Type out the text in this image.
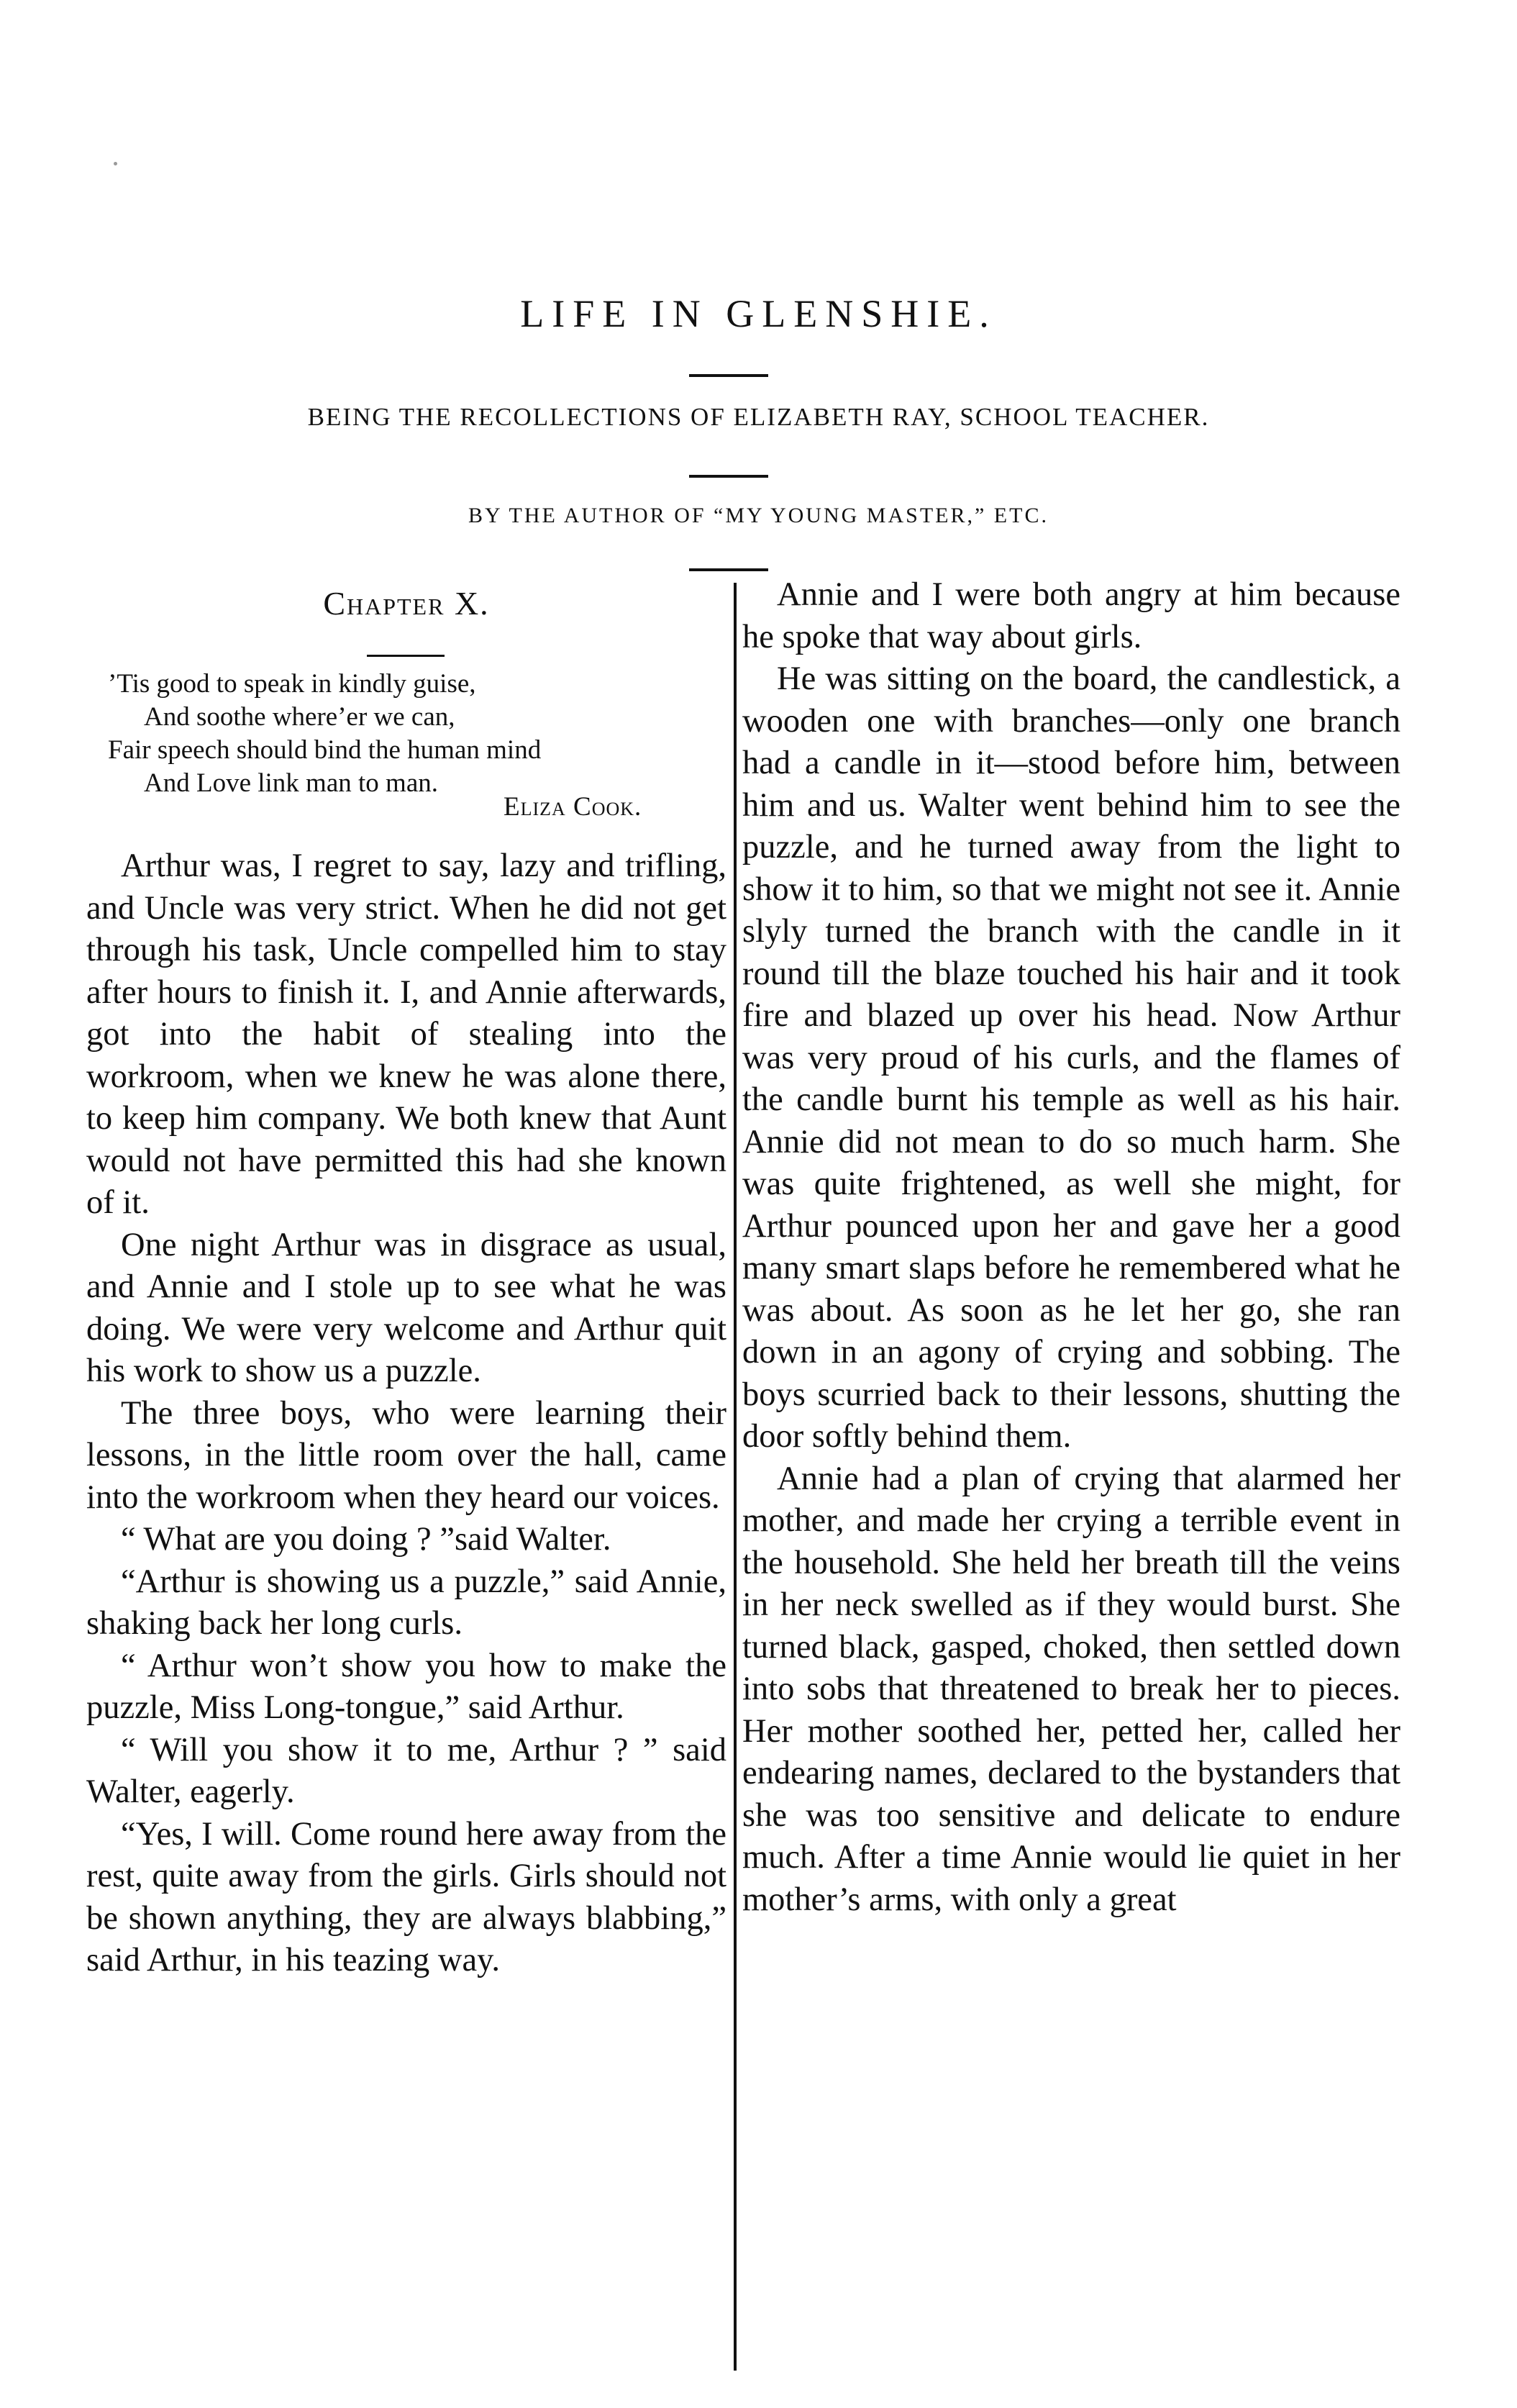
LIFE IN GLENSHIE.
BEING THE RECOLLECTIONS OF ELIZABETH RAY, SCHOOL TEACHER.
BY THE AUTHOR OF “MY YOUNG MASTER,” ETC.
Chapter X.
’Tis good to speak in kindly guise,
And soothe where’er we can,
Fair speech should bind the human mind
And Love link man to man.
Eliza Cook.

Arthur was, I regret to say, lazy and trifling, and Uncle was very strict. When he did not get through his task, Uncle compelled him to stay after hours to finish it. I, and Annie afterwards, got into the habit of stealing into the workroom, when we knew he was alone there, to keep him company. We both knew that Aunt would not have permitted this had she known of it.

One night Arthur was in disgrace as usual, and Annie and I stole up to see what he was doing. We were very welcome and Arthur quit his work to show us a puzzle.

The three boys, who were learning their lessons, in the little room over the hall, came into the workroom when they heard our voices.

“ What are you doing ? ”said Walter.

“Arthur is showing us a puzzle,” said Annie, shaking back her long curls.

“ Arthur won’t show you how to make the puzzle, Miss Long-tongue,” said Arthur.

“ Will you show it to me, Arthur ? ” said Walter, eagerly.

“Yes, I will. Come round here away from the rest, quite away from the girls. Girls should not be shown anything, they are always blabbing,” said Arthur, in his teazing way.

Annie and I were both angry at him because he spoke that way about girls.

He was sitting on the board, the candlestick, a wooden one with branches—only one branch had a candle in it—stood before him, between him and us. Walter went behind him to see the puzzle, and he turned away from the light to show it to him, so that we might not see it. Annie slyly turned the branch with the candle in it round till the blaze touched his hair and it took fire and blazed up over his head. Now Arthur was very proud of his curls, and the flames of the candle burnt his temple as well as his hair. Annie did not mean to do so much harm. She was quite frightened, as well she might, for Arthur pounced upon her and gave her a good many smart slaps before he remembered what he was about. As soon as he let her go, she ran down in an agony of crying and sobbing. The boys scurried back to their lessons, shutting the door softly behind them.

Annie had a plan of crying that alarmed her mother, and made her crying a terrible event in the household. She held her breath till the veins in her neck swelled as if they would burst. She turned black, gasped, choked, then settled down into sobs that threatened to break her to pieces. Her mother soothed her, petted her, called her endearing names, declared to the bystanders that she was too sensitive and delicate to endure much. After a time Annie would lie quiet in her mother’s arms, with only a great
